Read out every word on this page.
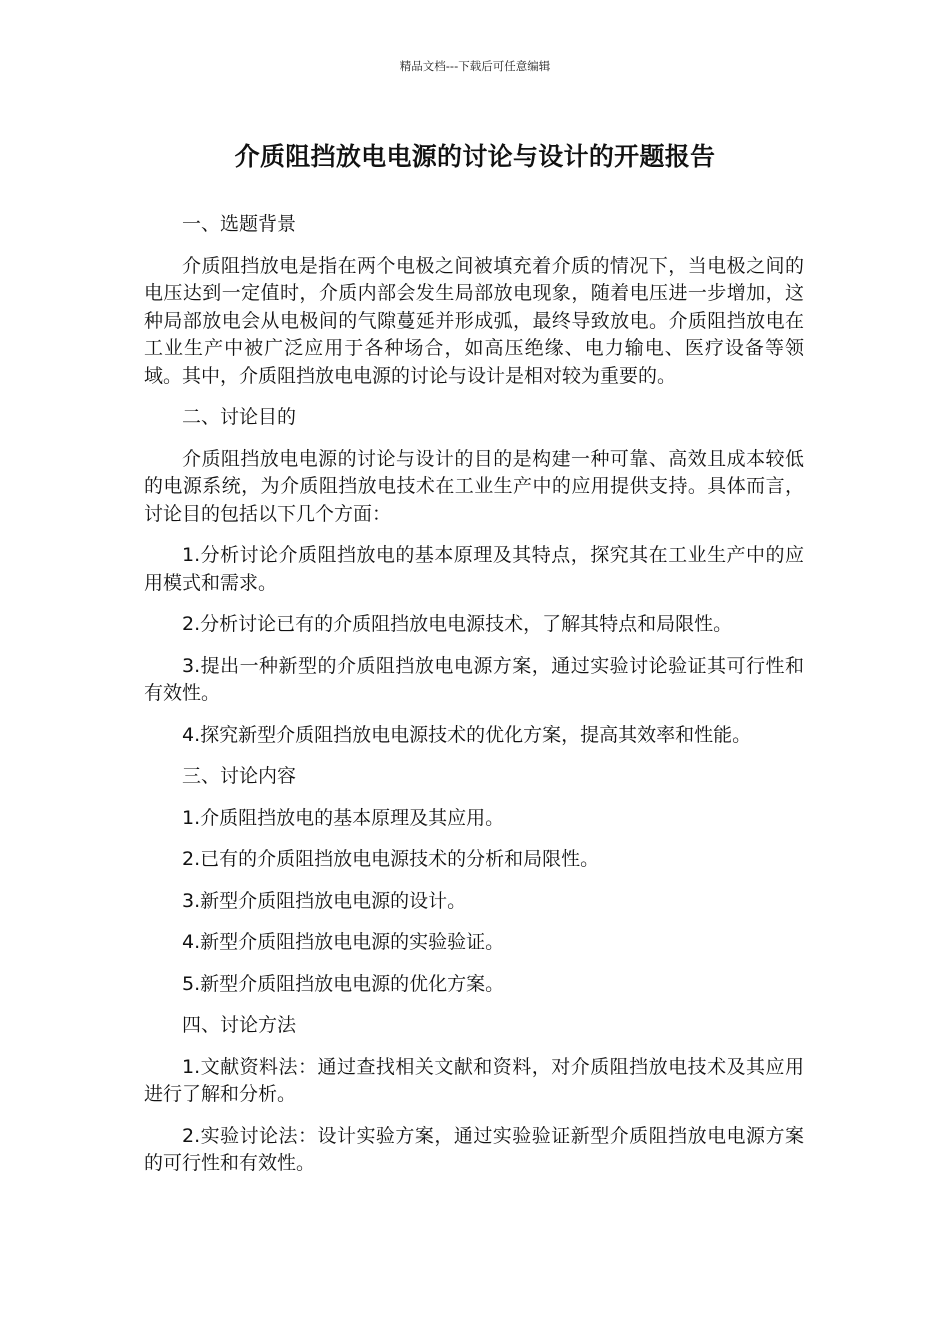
精品文档---下载后可任意编辑
介质阻挡放电电源的讨论与设计的开题报告

一、选题背景

介质阻挡放电是指在两个电极之间被填充着介质的情况下，当电极之间的电压达到一定值时，介质内部会发生局部放电现象，随着电压进一步增加，这种局部放电会从电极间的气隙蔓延并形成弧，最终导致放电。介质阻挡放电在工业生产中被广泛应用于各种场合，如高压绝缘、电力输电、医疗设备等领域。其中，介质阻挡放电电源的讨论与设计是相对较为重要的。

二、讨论目的

介质阻挡放电电源的讨论与设计的目的是构建一种可靠、高效且成本较低的电源系统，为介质阻挡放电技术在工业生产中的应用提供支持。具体而言，讨论目的包括以下几个方面：

1.分析讨论介质阻挡放电的基本原理及其特点，探究其在工业生产中的应用模式和需求。

2.分析讨论已有的介质阻挡放电电源技术，了解其特点和局限性。

3.提出一种新型的介质阻挡放电电源方案，通过实验讨论验证其可行性和有效性。

4.探究新型介质阻挡放电电源技术的优化方案，提高其效率和性能。

三、讨论内容

1.介质阻挡放电的基本原理及其应用。

2.已有的介质阻挡放电电源技术的分析和局限性。

3.新型介质阻挡放电电源的设计。

4.新型介质阻挡放电电源的实验验证。

5.新型介质阻挡放电电源的优化方案。

四、讨论方法

1.文献资料法：通过查找相关文献和资料，对介质阻挡放电技术及其应用进行了解和分析。

2.实验讨论法：设计实验方案，通过实验验证新型介质阻挡放电电源方案的可行性和有效性。
